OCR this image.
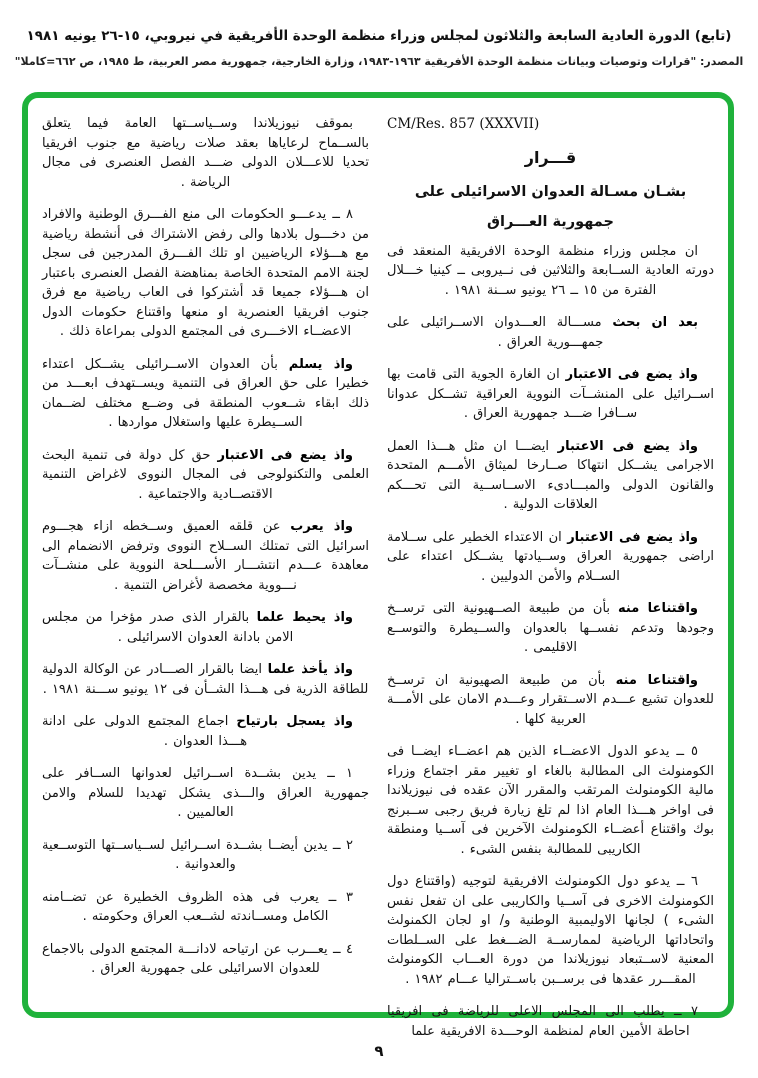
(تابع) الدورة العادية السابعة والثلاثون لمجلس وزراء منظمة الوحدة الأفريقية في نيروبي، ١٥-٢٦ يونيه ١٩٨١
المصدر: "قرارات وتوصيات وبيانات منظمة الوحدة الأفريقية ١٩٦٣-١٩٨٣، وزارة الخارجية، جمهورية مصر العربية، ط ١٩٨٥، ص ٦٦٢=كاملا"
CM/Res. 857 (XXXVII)
قـــرار
بشـان مسـالة العدوان الاسرائيلى على
جمهورية العـــراق

ان مجلس وزراء منظمة الوحدة الافريقية المنعقد فى دورته العادية الســابعة والثلاثين فى نــيروبى ــ كينيا خـــلال الفترة من ١٥ ــ ٢٦ يونيو ســنة ١٩٨١ .

بعد ان بحث مســـالة العـــدوان الاســرائيلى على جمهـــورية العراق .

واذ يضع فى الاعتبار ان الغارة الجوية التى قامت بها اســرائيل على المنشــآت النووية العراقية تشــكل عدوانا ســافرا ضـــد جمهورية العراق .

واذ يضع فى الاعتبار ايضـــا ان مثل هـــذا العمل الاجرامى يشــكل انتهاكا صــارخا لميثاق الأمـــم المتحدة والقانون الدولى والمبـــادىء الاســاســية التى تحـــكم العلاقات الدولية .

واذ يضع فى الاعتبار ان الاعتداء الخطير على ســلامة اراضى جمهورية العراق وســيادتها يشــكل اعتداء على الســلام والأمن الدوليين .

واقتناعا منه بأن من طبيعة الصــهيونية التى ترســخ وجودها وتدعم نفســها بالعدوان والســيطرة والتوســع الاقليمى .

واقتناعا منه بأن من طبيعة الصهيونية ان ترســخ للعدوان تشيع عـــدم الاســتقرار وعـــدم الامان على الأمـــة العربية كلها .

٥ ــ يدعو الدول الاعضــاء الذين هم اعضــاء ايضــا فى الكومنولث الى المطالبة بالغاء او تغيير مقر اجتماع وزراء مالية الكومنولث المرتقب والمقرر الآن عقده فى نيوزيلاندا فى اواخر هـــذا العام اذا لم تلغ زيارة فريق رجبى ســبرنج بوك واقتناع أعضــاء الكومنولث الآخرين فى آســيا ومنطقة الكاريبى للمطالبة بنفس الشىء .

٦ ــ يدعو دول الكومنولث الافريقية لتوجيه (واقتناع دول الكومنولث الاخرى فى آســيا والكاريبى على ان تفعل نفس الشىء ) لجانها الاوليمبية الوطنية و/ او لجان الكمنولث واتحاداتها الرياضية لممارســة الضـــغط على الســلطات المعنية لاســتبعاد نيوزيلاندا من دورة العـــاب الكومنولث المقـــرر عقدها فى برســبن باســتراليا عـــام ١٩٨٢ .

٧ ــ يطلب الى المجلس الاعلى للرياضة فى افريقيا احاطة الأمين العام لمنظمة الوحـــدة الافريقية علما

بموقف نيوزيلاندا وســياســتها العامة فيما يتعلق بالســماح لرعاياها بعقد صلات رياضية مع جنوب افريقيا تحديا للاعـــلان الدولى ضـــد الفصل العنصرى فى مجال الرياضة .

٨ ــ يدعـــو الحكومات الى منع الفـــرق الوطنية والافراد من دخـــول بلادها والى رفض الاشتراك فى أنشطة رياضية مع هـــؤلاء الرياضيين او تلك الفـــرق المدرجين فى سجل لجنة الامم المتحدة الخاصة بمناهضة الفصل العنصرى باعتبار ان هـــؤلاء جميعا قد أشتركوا فى العاب رياضية مع فرق جنوب افريقيا العنصرية او منعها واقتناع حكومات الدول الاعضــاء الاخـــرى فى المجتمع الدولى بمراعاة ذلك .

واذ يسلم بأن العدوان الاســرائيلى يشــكل اعتداء خطيرا على حق العراق فى التنمية ويســتهدف ابعـــد من ذلك ابقاء شــعوب المنطقة فى وضــع مختلف لضــمان الســيطرة عليها واستغلال مواردها .

واذ يضع فى الاعتبار حق كل دولة فى تنمية البحث العلمى والتكنولوجى فى المجال النووى لاغراض التنمية الاقتصــادية والاجتماعية .

واذ يعرب عن قلقه العميق وســخطه ازاء هجـــوم اسرائيل التى تمتلك الســلاح النووى وترفض الانضمام الى معاهدة عـــدم انتشـــار الأســـلحة النووية على منشــآت نـــووية مخصصة لأغراض التنمية .

واذ يحيط علما بالقرار الذى صدر مؤخرا من مجلس الامن بادانة العدوان الاسرائيلى .

واذ يأخذ علما ايضا بالقرار الصـــادر عن الوكالة الدولية للطاقة الذرية فى هـــذا الشــأن فى ١٢ يونيو ســـنة ١٩٨١ .

واذ يسجل بارتياح اجماع المجتمع الدولى على ادانة هـــذا العدوان .

١ ــ يدين بشــدة اســرائيل لعدوانها الســافر على جمهورية العراق والـــذى يشكل تهديدا للسلام والامن العالميين .

٢ ــ يدين أيضــا بشــدة اســرائيل لســياســتها التوســعية والعدوانية .

٣ ــ يعرب فى هذه الظروف الخطيرة عن تضــامنه الكامل ومســاندته لشــعب العراق وحكومته .

٤ ــ يعـــرب عن ارتياحه لادانـــة المجتمع الدولى بالاجماع للعدوان الاسرائيلى على جمهورية العراق .

٩
